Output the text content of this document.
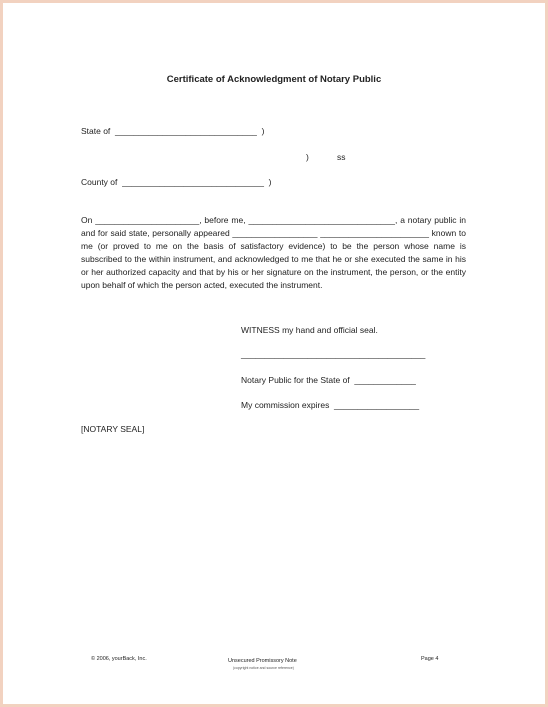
Certificate of Acknowledgment of Notary Public
State of  ______________________________  )
)	ss
County of  ______________________________  )
On ______________________, before me, _______________________________, a notary public in and for said state, personally appeared __________________ _______________________ known to me (or proved to me on the basis of satisfactory evidence) to be the person whose name is subscribed to the within instrument, and acknowledged to me that he or she executed the same in his or her authorized capacity and that by his or her signature on the instrument, the person, or the entity upon behalf of which the person acted, executed the instrument.
WITNESS my hand and official seal.
_______________________________________
Notary Public for the State of  _____________
My commission expires  __________________
[NOTARY SEAL]
© 2006, yourBack, Inc.	Unsecured Promissory Note
(copyright notice and source reference)
Page 4
